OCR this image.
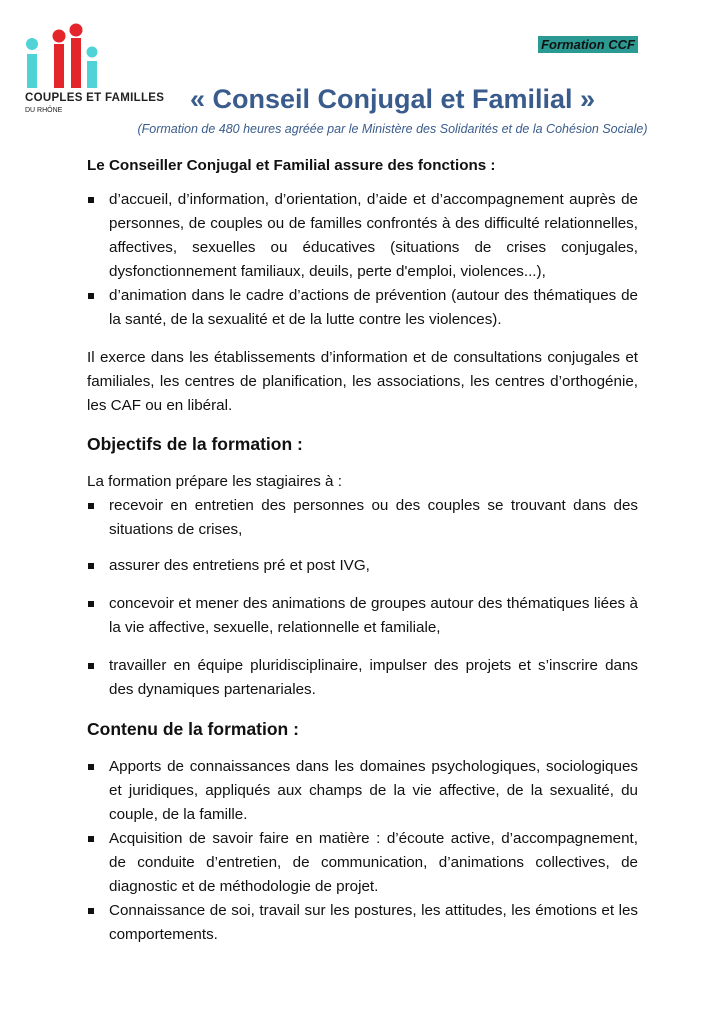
COUPLES ET FAMILLES
DU RHÔNE
Formation CCF
« Conseil Conjugal et Familial »
(Formation de 480 heures agréée par le Ministère des Solidarités et de la Cohésion Sociale)
Le Conseiller Conjugal et Familial assure des fonctions :
d’accueil, d’information, d’orientation, d’aide et d’accompagnement auprès de personnes, de couples ou de familles confrontés à des difficulté relationnelles, affectives, sexuelles ou éducatives (situations de crises conjugales, dysfonctionnement familiaux, deuils, perte d'emploi, violences...),
d’animation dans le cadre d’actions de prévention (autour des thématiques de la santé, de la sexualité et de la lutte contre les violences).

Il exerce dans les établissements d’information et de consultations conjugales et familiales, les centres de planification, les associations, les centres d’orthogénie, les CAF ou en libéral.

Objectifs de la formation :

La formation prépare les stagiaires à :

recevoir en entretien des personnes ou des couples se trouvant dans des situations de crises,
assurer des entretiens pré et post IVG,
concevoir et mener des animations de groupes autour des thématiques liées à la vie affective, sexuelle, relationnelle et familiale,
travailler en équipe pluridisciplinaire, impulser des projets et s’inscrire dans des dynamiques partenariales.
Contenu de la formation :
Apports de connaissances dans les domaines psychologiques, sociologiques et juridiques, appliqués aux champs de la vie affective, de la sexualité, du couple, de la famille.
Acquisition de savoir faire en matière : d’écoute active, d’accompagnement, de conduite d’entretien, de communication, d’animations collectives, de diagnostic et de méthodologie de projet.
Connaissance de soi, travail sur les postures, les attitudes, les émotions et les comportements.
